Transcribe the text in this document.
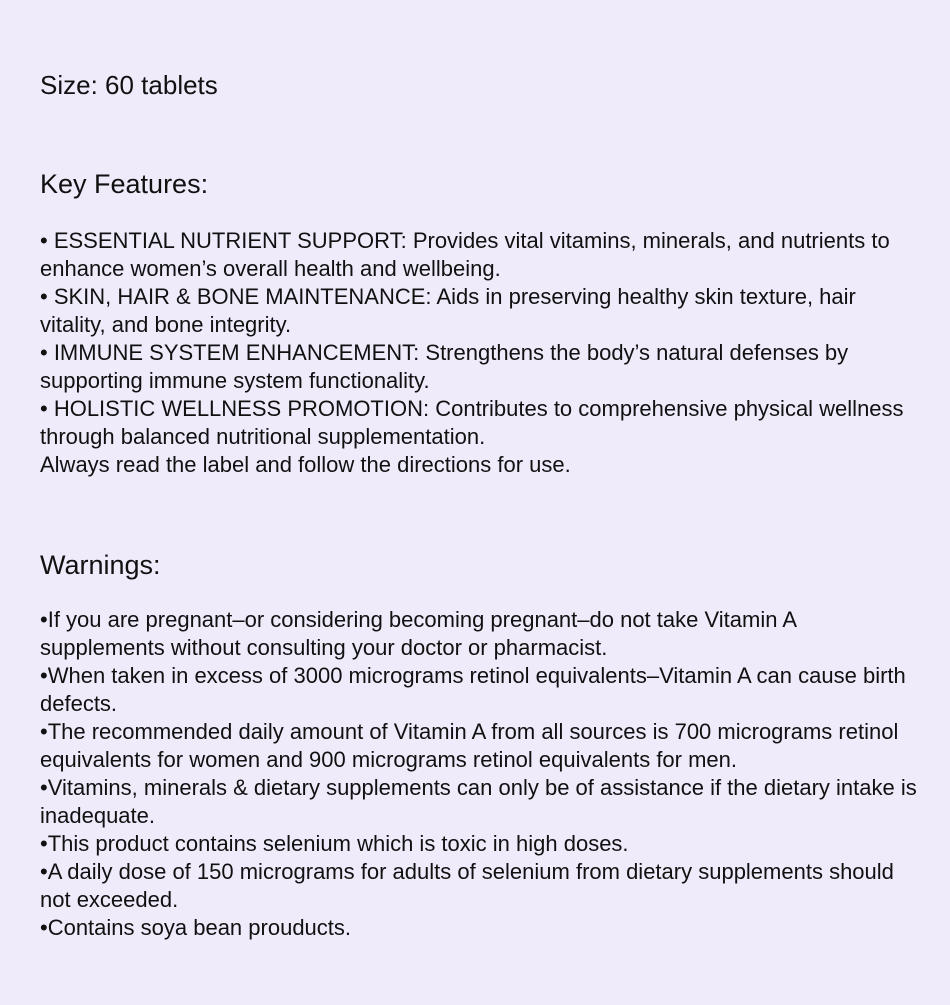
Size: 60 tablets

Key Features:
• ESSENTIAL NUTRIENT SUPPORT: Provides vital vitamins, minerals, and nutrients to enhance women’s overall health and wellbeing.
• SKIN, HAIR & BONE MAINTENANCE: Aids in preserving healthy skin texture, hair vitality, and bone integrity.
• IMMUNE SYSTEM ENHANCEMENT: Strengthens the body’s natural defenses by supporting immune system functionality.
• HOLISTIC WELLNESS PROMOTION: Contributes to comprehensive physical wellness through balanced nutritional supplementation.

Always read the label and follow the directions for use.

Warnings:
•If you are pregnant–or considering becoming pregnant–do not take Vitamin A supplements without consulting your doctor or pharmacist.
•When taken in excess of 3000 micrograms retinol equivalents–Vitamin A can cause birth defects.
•The recommended daily amount of Vitamin A from all sources is 700 micrograms retinol equivalents for women and 900 micrograms retinol equivalents for men.
•Vitamins, minerals & dietary supplements can only be of assistance if the dietary intake is inadequate.
•This product contains selenium which is toxic in high doses.
•A daily dose of 150 micrograms for adults of selenium from dietary supplements should not exceeded.
•Contains soya bean prouducts.
